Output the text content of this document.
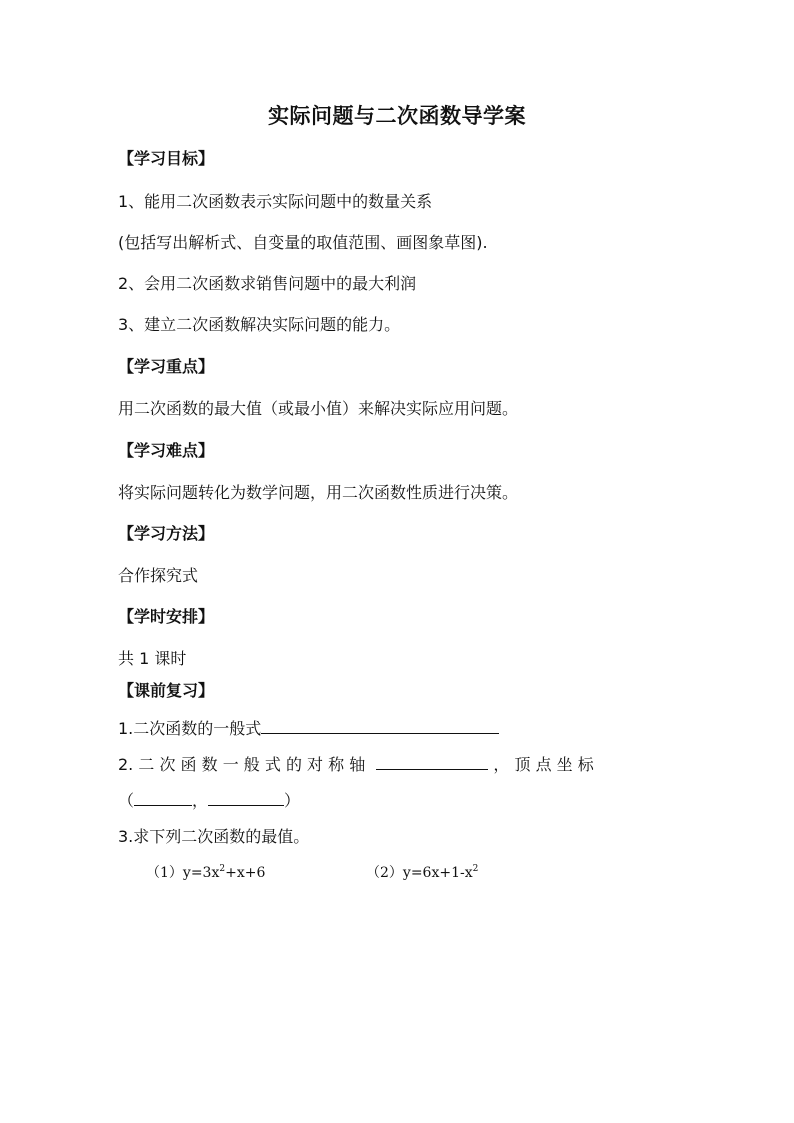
实际问题与二次函数导学案
【学习目标】
1、能用二次函数表示实际问题中的数量关系
(包括写出解析式、自变量的取值范围、画图象草图).
2、会用二次函数求销售问题中的最大利润
3、建立二次函数解决实际问题的能力。
【学习重点】
用二次函数的最大值（或最小值）来解决实际应用问题。
【学习难点】
将实际问题转化为数学问题，用二次函数性质进行决策。
【学习方法】
合作探究式
【学时安排】
共 1 课时
【课前复习】
1.二次函数的一般式
2. 二 次 函 数 一 般 式 的 对 称 轴	， 顶 点 坐 标
（	，	）
3.求下列二次函数的最值。
$(1)y=3x^2+x+6$	$(2)y=6x+1-x^2$
